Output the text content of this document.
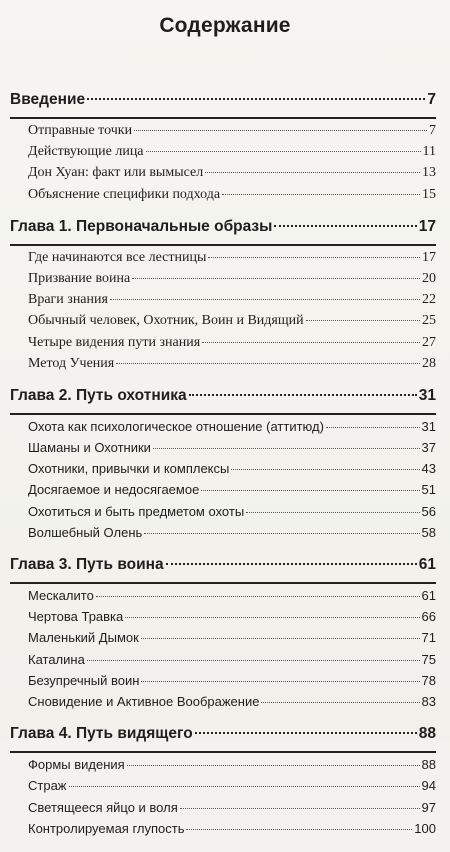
Содержание
Введение	7
Отправные точки	7
Действующие лица	11
Дон Хуан: факт или вымысел	13
Объяснение специфики подхода	15
Глава 1. Первоначальные образы	17
Где начинаются все лестницы	17
Призвание воина	20
Враги знания	22
Обычный человек, Охотник, Воин и Видящий	25
Четыре видения пути знания	27
Метод Учения	28
Глава 2. Путь охотника	31
Охота как психологическое отношение (аттитюд)	31
Шаманы и Охотники	37
Охотники, привычки и комплексы	43
Досягаемое и недосягаемое	51
Охотиться и быть предметом охоты	56
Волшебный Олень	58
Глава 3. Путь воина	61
Мескалито	61
Чертова Травка	66
Маленький Дымок	71
Каталина	75
Безупречный воин	78
Сновидение и Активное Воображение	83
Глава 4. Путь видящего	88
Формы видения	88
Страж	94
Светящееся яйцо и воля	97
Контролируемая глупость	100
